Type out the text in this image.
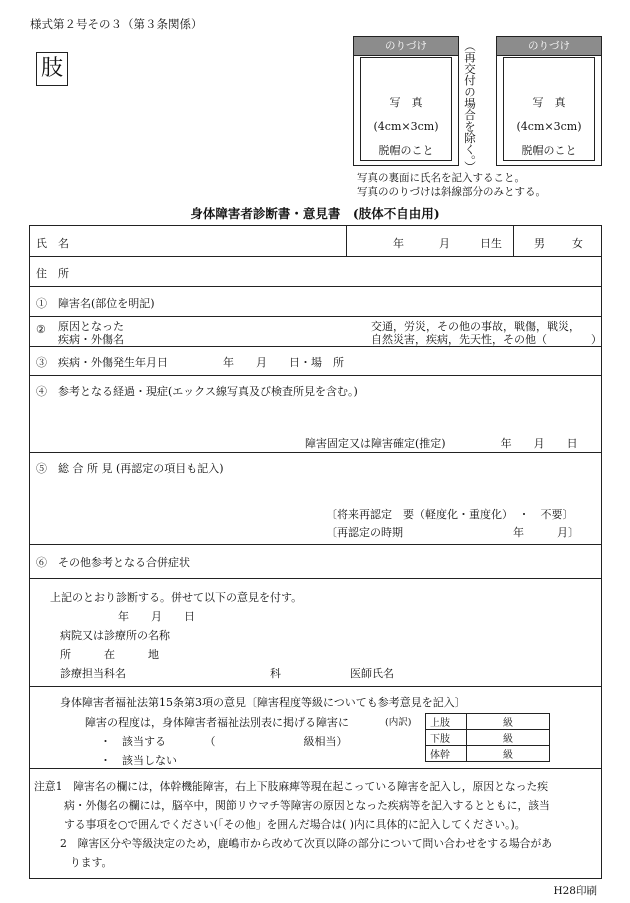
様式第２号その３（第３条関係）
肢
のりづけ
写　真
(4cm×3cm)
脱帽のこと	（再交付の場合を除く。）	のりづけ
写　真
(4cm×3cm)
脱帽のこと
写真の裏面に氏名を記入すること。
写真ののりづけは斜線部分のみとする。
身体障害者診断書・意見書　(肢体不自由用)
氏　名	年	月	日生	男 女
住　所
①　障害名(部位を明記)
② 原因となった
疾病・外傷名
交通，労災，その他の事故，戦傷，戦災，
自然災害，疾病，先天性，その他（　　　　）
③　疾病・外傷発生年月日　　　　　年　　月　　日・場　所
④　参考となる経過・現症(エックス線写真及び検査所見を含む。)
障害固定又は障害確定(推定)　　　　　年　　月　　日
⑤　総 合 所 見 (再認定の項目も記入)
〔将来再認定　要（軽度化・重度化）　・　不要〕
〔再認定の時期　　　　　　　　　　年　　　月〕
⑥　その他参考となる合併症状
上記のとおり診断する。併せて以下の意見を付す。
年　　月　　日
病院又は診療所の名称
所　　　在　　　地
診療担当科名	科	医師氏名
身体障害者福祉法第15条第3項の意見〔障害程度等級についても参考意見を記入〕
障害の程度は，身体障害者福祉法別表に掲げる障害に	(内訳)
・　該当する　　　　（　　　　　　　　級相当）
・　該当しない
上肢	級
下肢	級
体幹	級
注意1　障害名の欄には，体幹機能障害，右上下肢麻痺等現在起こっている障害を記入し，原因となった疾
病・外傷名の欄には，脳卒中，関節リウマチ等障害の原因となった疾病等を記入するとともに，該当
する事項を○で囲んでください(「その他」を囲んだ場合は( )内に具体的に記入してください。)。
2　障害区分や等級決定のため，鹿嶋市から改めて次頁以降の部分について問い合わせをする場合があ
ります。
H28印刷
